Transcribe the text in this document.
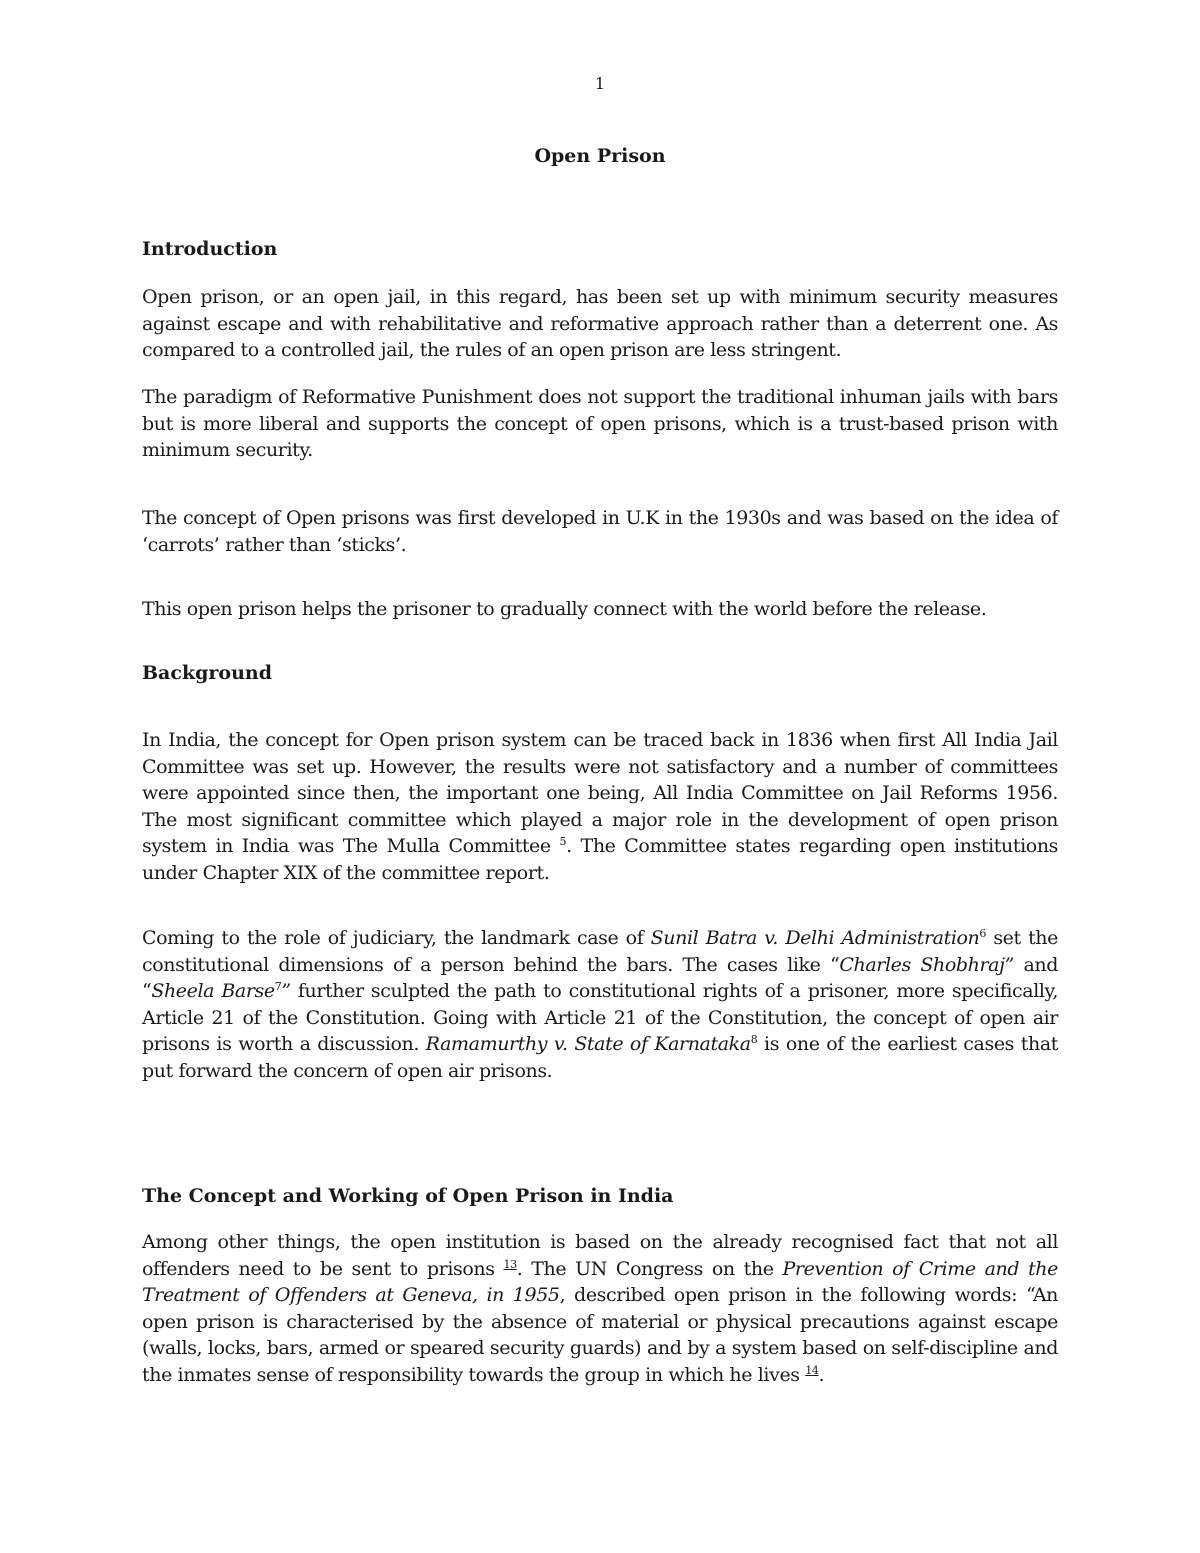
1
Open Prison
Introduction

Open prison, or an open jail, in this regard, has been set up with minimum security measures against escape and with rehabilitative and reformative approach rather than a deterrent one. As compared to a controlled jail, the rules of an open prison are less stringent.

The paradigm of Reformative Punishment does not support the traditional inhuman jails with bars but is more liberal and supports the concept of open prisons, which is a trust-based prison with minimum security.

The concept of Open prisons was first developed in U.K in the 1930s and was based on the idea of ‘carrots’ rather than ‘sticks’.

This open prison helps the prisoner to gradually connect with the world before the release.

Background

In India, the concept for Open prison system can be traced back in 1836 when first All India Jail Committee was set up. However, the results were not satisfactory and a number of committees were appointed since then, the important one being, All India Committee on Jail Reforms 1956. The most significant committee which played a major role in the development of open prison system in India was The Mulla Committee $^5$. The Committee states regarding open institutions under Chapter XIX of the committee report.

Coming to the role of judiciary, the landmark case of Sunil Batra v. Delhi Administration$^6$ set the constitutional dimensions of a person behind the bars. The cases like “Charles Shobhraj” and “Sheela Barse$^7$” further sculpted the path to constitutional rights of a prisoner, more specifically, Article 21 of the Constitution. Going with Article 21 of the Constitution, the concept of open air prisons is worth a discussion. Ramamurthy v. State of Karnataka$^8$ is one of the earliest cases that put forward the concern of open air prisons.

The Concept and Working of Open Prison in India

Among other things, the open institution is based on the already recognised fact that not all offenders need to be sent to prisons $^{13}$. The UN Congress on the Prevention of Crime and the Treatment of Offenders at Geneva, in 1955, described open prison in the following words: “An open prison is characterised by the absence of material or physical precautions against escape (walls, locks, bars, armed or speared security guards) and by a system based on self-discipline and the inmates sense of responsibility towards the group in which he lives $^{14}$.
